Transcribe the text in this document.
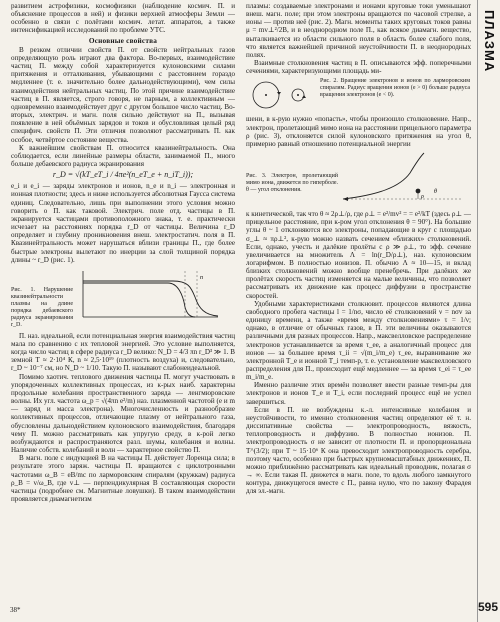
ПЛАЗМА
595

развитием астрофизики, космофизики (наблюдение космич. П. и объяснение процессов в ней) и физики верхней атмосферы Земли — особенно в связи с полётами космич. летат. аппаратов, а также интенсификацией исследований по проблеме УТС.

Основные свойства

В резком отличии свойств П. от свойств нейтральных газов определяющую роль играют два фактора. Во-первых, взаимодействие частиц П. между собой характеризуется кулоновскими силами притяжения и отталкивания, убывающими с расстоянием гораздо медленнее (т. е. значительно более дальнодействующими), чем силы взаимодействия нейтральных частиц. По этой причине взаимодействие частиц в П. является, строго говоря, не парным, а коллективным — одновременно взаимодействует друг с другом большое число частиц. Во-вторых, электрич. и магн. поля сильно действуют на П., вызывая появление в ней объёмных зарядов и токов и обусловливая целый ряд специфич. свойств П. Эти отличия позволяют рассматривать П. как особое, четвёртое состояние вещества.

К важнейшим свойствам П. относится квазинейтральность. Она соблюдается, если линейные размеры области, занимаемой П., много больше дебаевского радиуса экранирования

r_D = √(kT_eT_i / 4πe²(n_eT_e + n_iT_i));

e_i и e_i — заряды электронов и ионов, n_e и n_i — электронная и ионная плотности; здесь и ниже используется абсолютная Гаусса система единиц. Следовательно, лишь при выполнении этого условия можно говорить о П. как таковой. Электрич. поле отд. частицы в П. экранируется частицами противоположного знака, т. е. практически исчезает на расстояниях порядка r_D от частицы. Величина r_D определяет и глубину проникновения внеш. электростатич. поля в П. Квазинейтральность может нарушаться вблизи границы П., где более быстрые электроны вылетают по инерции за слой толщиной порядка длины ~ r_D (рис. 1).

Рис. 1. Нарушение квазинейтральности плазмы на длине порядка дебаевского радиуса экранирования r_D.
n

П. наз. идеальной, если потенциальная энергия взаимодействия частиц мала по сравнению с их тепловой энергией. Это условие выполняется, когда число частиц в сфере радиуса r_D велико: N_D = 4/3 πn r_D³ ≫ 1. В земной Т ≈ 2·10⁴ К, n ≈ 2,5·10¹⁹ (плотность воздуха) и, следовательно, r_D ~ 10⁻⁷ см, но N_D ~ 1/10. Такую П. называют слабонеидеальной.

Помимо хаотич. теплового движения частицы П. могут участвовать в упорядоченных коллективных процессах, из к-рых наиб. характерны продольные колебания пространственного заряда — ленгмюровские волны. Их угл. частота ω_p = √(4πn e²/m) наз. плазменной частотой (e и m — заряд и масса электрона). Многочисленность и разнообразие коллективных процессов, отличающие плазму от нейтрального газа, обусловлены дальнодействием кулоновского взаимодействия, благодаря чему П. можно рассматривать как упругую среду, в к-рой легко возбуждаются и распространяются разл. шумы, колебания и волны. Наличие собств. колебаний и волн — характерное свойство П.

В магн. поле с индукцией B на частицы П. действует Лоренца сила; в результате этого заряж. частицы П. вращаются с циклотронными частотами ω_B = eB/mc по ларморовским спиралям (кружкам) радиуса ρ_B = v/ω_B, где v⊥ — перпендикулярная B составляющая скорости частицы (подробнее см. Магнитные ловушки). В таком взаимодействии проявляется диамагнетизм

плазмы: создаваемые электронами и ионами круговые токи уменьшают внеш. магн. поле; при этом электроны вращаются по часовой стрелке, а ионы — против неё (рис. 2). Магн. моменты таких круговых токов равны μ = mv⊥²/2B, и в неоднородном поле П., как всякое диамагн. вещество, выталкивается из области сильного поля в область более слабого поля, что является важнейшей причиной неустойчивости П. в неоднородных полях.

Взаимные столкновения частиц в П. описываются эфф. поперечными сечениями, характеризующими площадь ми-

Рис. 2. Вращение электронов и ионов по ларморовским спиралям. Радиус вращения ионов (e > 0) больше радиуса вращения электронов (e < 0).

шени, в к-рую нужно «попасть», чтобы произошло столкновение. Напр., электрон, пролетающий мимо иона на расстоянии прицельного параметра ρ (рис. 3), отклоняется силой кулоновского притяжения на угол θ, примерно равный отношению потенциальной энергии

Рис. 3. Электрон, пролетающий мимо иона, движется по гиперболе. θ — угол отклонения.
ρ
θ

к кинетической, так что θ ≈ 2ρ⊥/ρ, где ρ⊥ = e²/mv² = = e²/kT (здесь ρ⊥ — прицельное расстояние, при к-ром угол отклонения θ = 90°). На большие углы θ ~ 1 отклоняются все электроны, попадающие в круг с площадью σ_⊥ ≈ πρ⊥², к-рую можно назвать сечением «близких» столкновений. Если, однако, учесть и далёкие пролёты с ρ ≫ ρ⊥, то эфф. сечение увеличивается на множитель Λ = ln(r_D/ρ⊥), наз. кулоновским логарифмом. В полностью ионизов. П. обычно Λ ≈ 10—15, и вклад близких столкновений можно вообще пренебречь. При далёких же пролётах скорость частиц изменяется на малые величины, что позволяет рассматривать их движение как процесс диффузии в пространстве скоростей.

Удобными характеристиками столкновит. процессов являются длина свободного пробега частицы l = 1/nσ, число её столкновений ν = nσv за единицу времени, а также «время между столкновениями» τ = 1/ν; однако, в отличие от обычных газов, в П. эти величины оказываются различными для разных процессов. Напр., максвелловское распределение электронов устанавливается за время τ_ee, а аналогичный процесс для ионов — за большее время τ_ii = √(m_i/m_e) τ_ee, выравнивание же электронной T_e и ионной T_i темп-р, т. е. установление максвелловского распределения для П., происходит ещё медленнее — за время τ_ei = τ_ee m_i/m_e.

Именно различие этих времён позволяет ввести разные темп-ры для электронов и ионов T_e и T_i, если последний процесс ещё не успел завершиться.

Если в П. не возбуждены к.-л. интенсивные колебания и неустойчивости, то именно столкновения частиц определяют её т. н. диссипативные свойства — электропроводность, вязкость, теплопроводность и диффузию. В полностью ионизов. П. электропроводность σ не зависит от плотности П. и пропорциональна T^(3/2); при T ~ 15·10⁶ К она превосходит электропроводность серебра, поэтому часто, особенно при быстрых крупномасштабных движениях, П. можно приближённо рассматривать как идеальный проводник, полагая σ → ∞. Если такая П. движется в магн. поле, то вдоль любого замкнутого контура, движущегося вместе с П., равна нулю, что по закону Фарадея для эл.-магн.

38*
